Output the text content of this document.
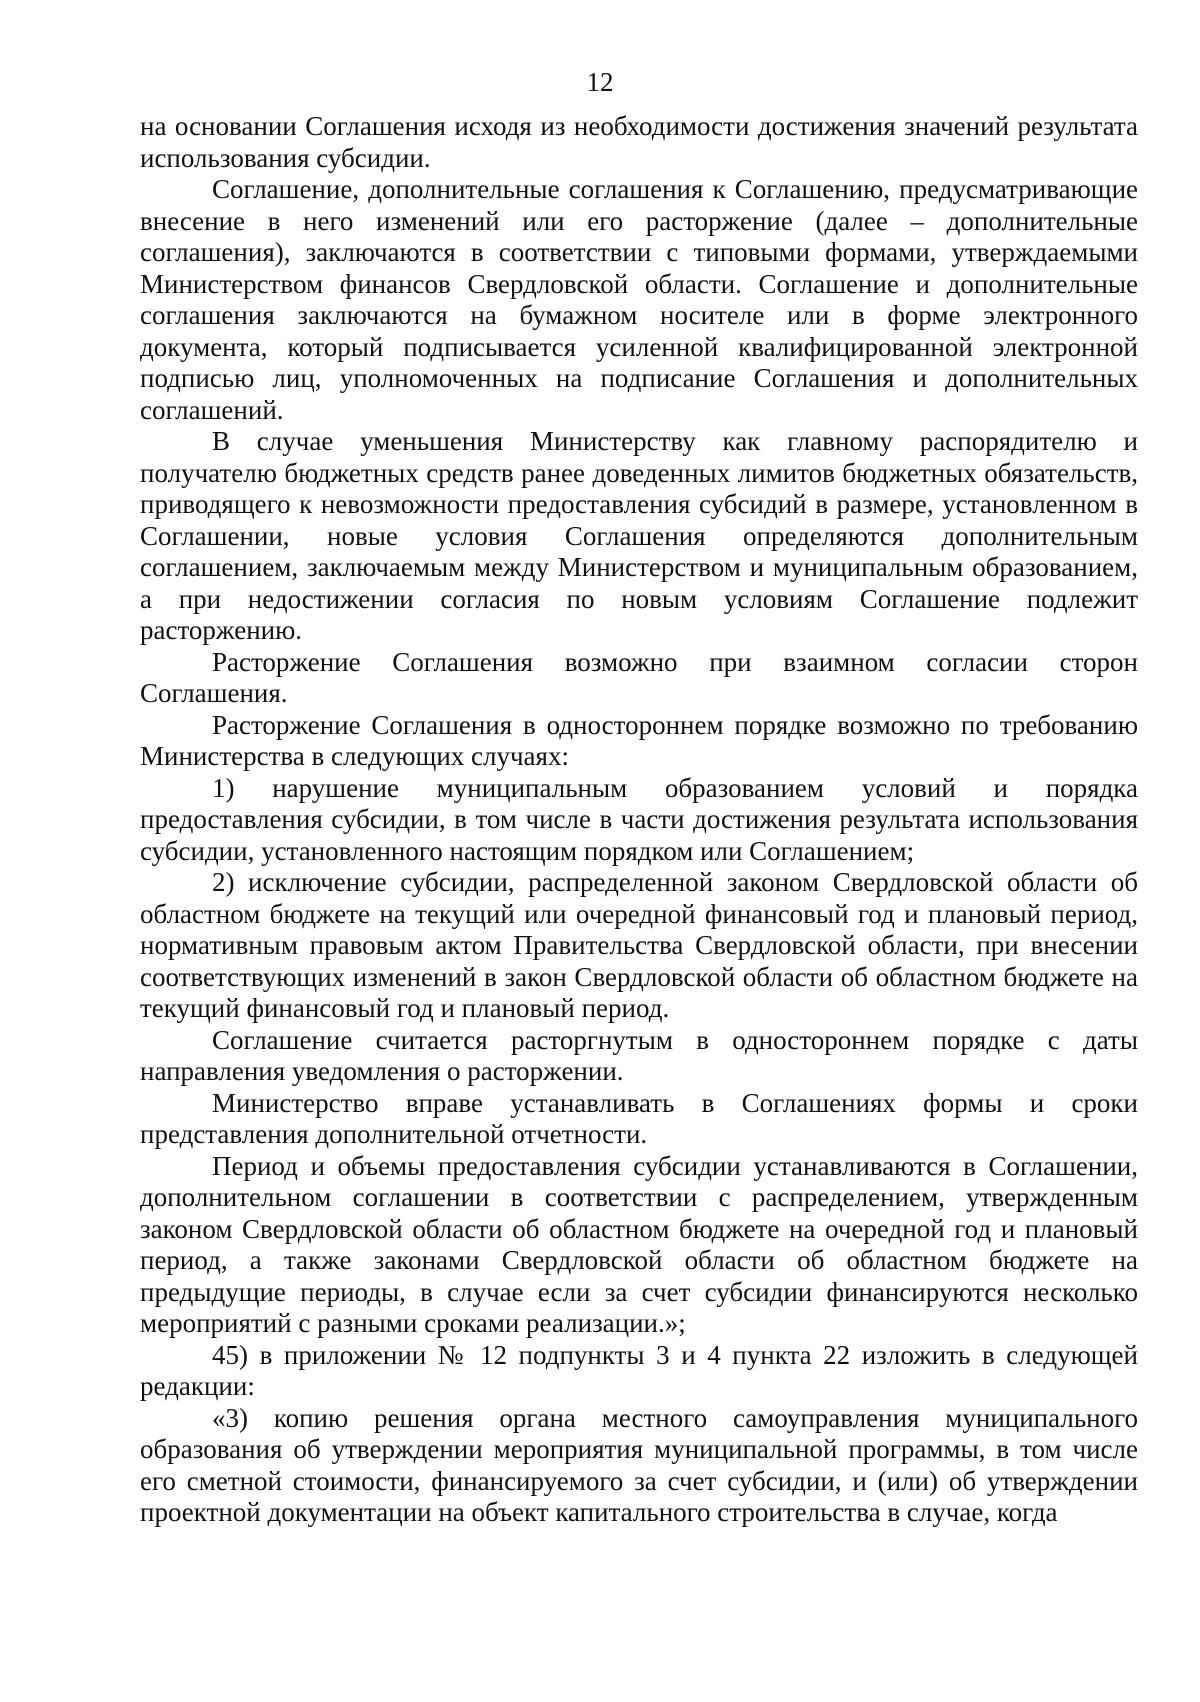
12

на основании Соглашения исходя из необходимости достижения значений результата использования субсидии.

Соглашение, дополнительные соглашения к Соглашению, предусматривающие внесение в него изменений или его расторжение (далее – дополнительные соглашения), заключаются в соответствии с типовыми формами, утверждаемыми Министерством финансов Свердловской области. Соглашение и дополнительные соглашения заключаются на бумажном носителе или в форме электронного документа, который подписывается усиленной квалифицированной электронной подписью лиц, уполномоченных на подписание Соглашения и дополнительных соглашений.

В случае уменьшения Министерству как главному распорядителю и получателю бюджетных средств ранее доведенных лимитов бюджетных обязательств, приводящего к невозможности предоставления субсидий в размере, установленном в Соглашении, новые условия Соглашения определяются дополнительным соглашением, заключаемым между Министерством и муниципальным образованием, а при недостижении согласия по новым условиям Соглашение подлежит расторжению.

Расторжение Соглашения возможно при взаимном согласии сторон Соглашения.

Расторжение Соглашения в одностороннем порядке возможно по требованию Министерства в следующих случаях:

1) нарушение муниципальным образованием условий и порядка предоставления субсидии, в том числе в части достижения результата использования субсидии, установленного настоящим порядком или Соглашением;

2) исключение субсидии, распределенной законом Свердловской области об областном бюджете на текущий или очередной финансовый год и плановый период, нормативным правовым актом Правительства Свердловской области, при внесении соответствующих изменений в закон Свердловской области об областном бюджете на текущий финансовый год и плановый период.

Соглашение считается расторгнутым в одностороннем порядке с даты направления уведомления о расторжении.

Министерство вправе устанавливать в Соглашениях формы и сроки представления дополнительной отчетности.

Период и объемы предоставления субсидии устанавливаются в Соглашении, дополнительном соглашении в соответствии с распределением, утвержденным законом Свердловской области об областном бюджете на очередной год и плановый период, а также законами Свердловской области об областном бюджете на предыдущие периоды, в случае если за счет субсидии финансируются несколько мероприятий с разными сроками реализации.»;

45) в приложении № 12 подпункты 3 и 4 пункта 22 изложить в следующей редакции:

«3) копию решения органа местного самоуправления муниципального образования об утверждении мероприятия муниципальной программы, в том числе его сметной стоимости, финансируемого за счет субсидии, и (или) об утверждении проектной документации на объект капитального строительства в случае, когда
